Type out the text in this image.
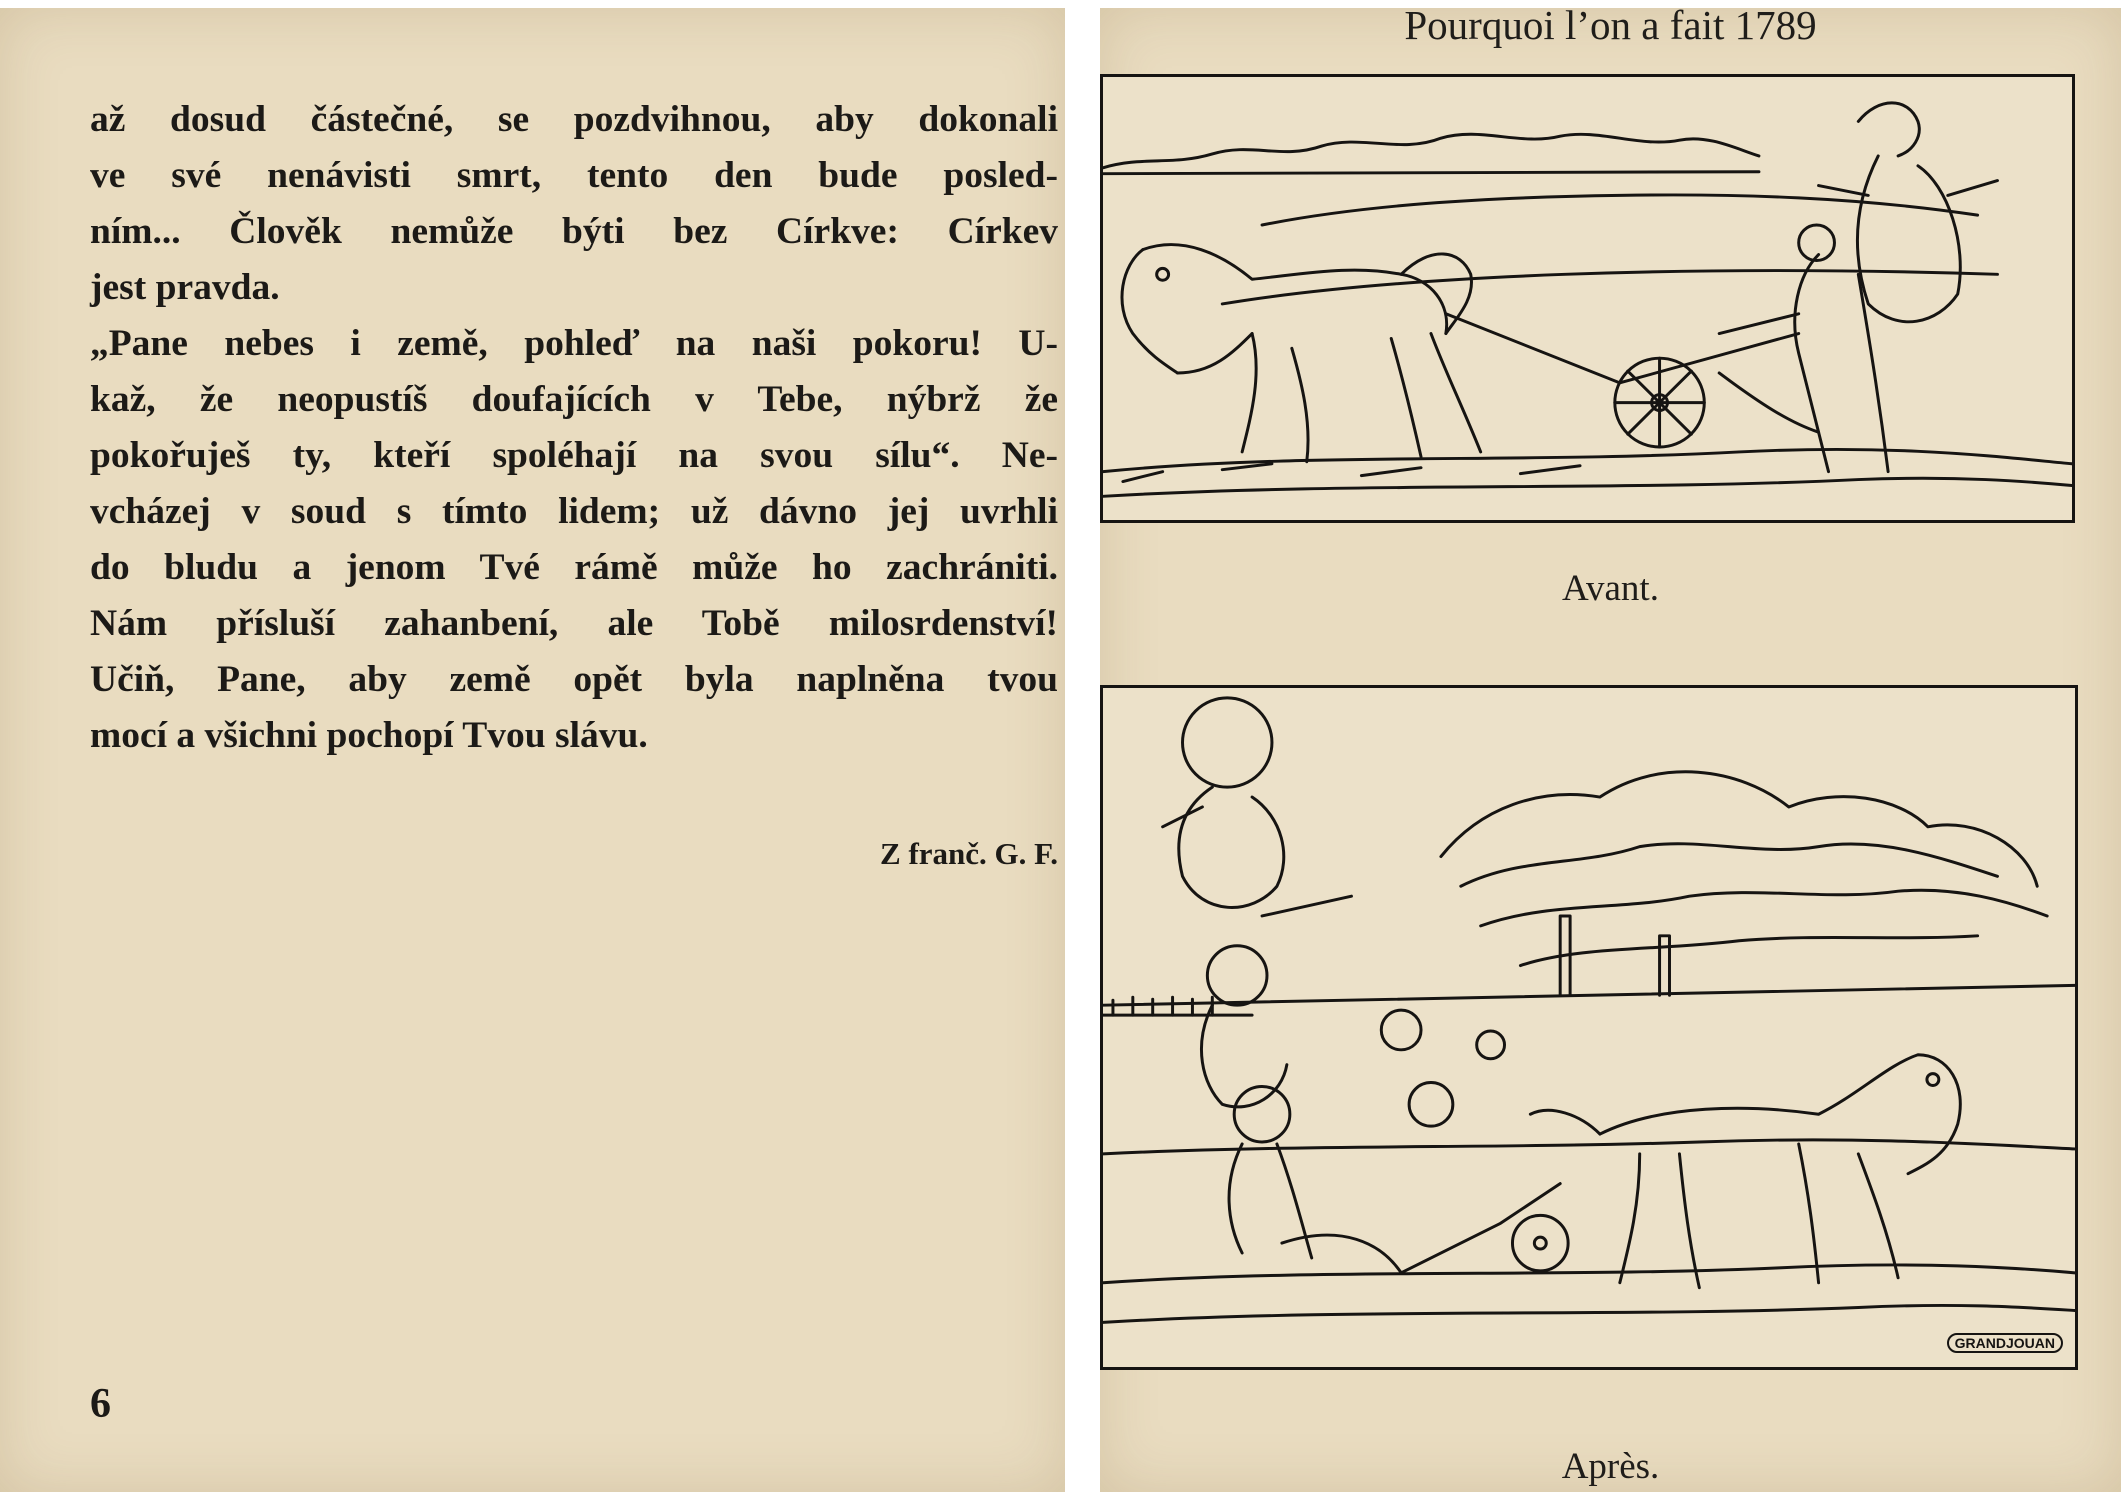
až dosud částečné, se pozdvihnou, aby dokonali
ve své nenávisti smrt, tento den bude posled-
ním... Člověk nemůže býti bez Církve: Církev
jest pravda.
„Pane nebes i země, pohleď na naši pokoru! U-
kaž, že neopustíš doufajících v Tebe, nýbrž že
pokořuješ ty, kteří spoléhají na svou sílu“. Ne-
vcházej v soud s tímto lidem; už dávno jej uvrhli
do bludu a jenom Tvé rámě může ho zachrániti.
Nám přísluší zahanbení, ale Tobě milosrdenství!
Učiň, Pane, aby země opět byla naplněna tvou
mocí a všichni pochopí Tvou slávu.
Z franč. G. F.
6
Pourquoi l’on a fait 1789
Avant.
GRANDJOUAN
Après.
